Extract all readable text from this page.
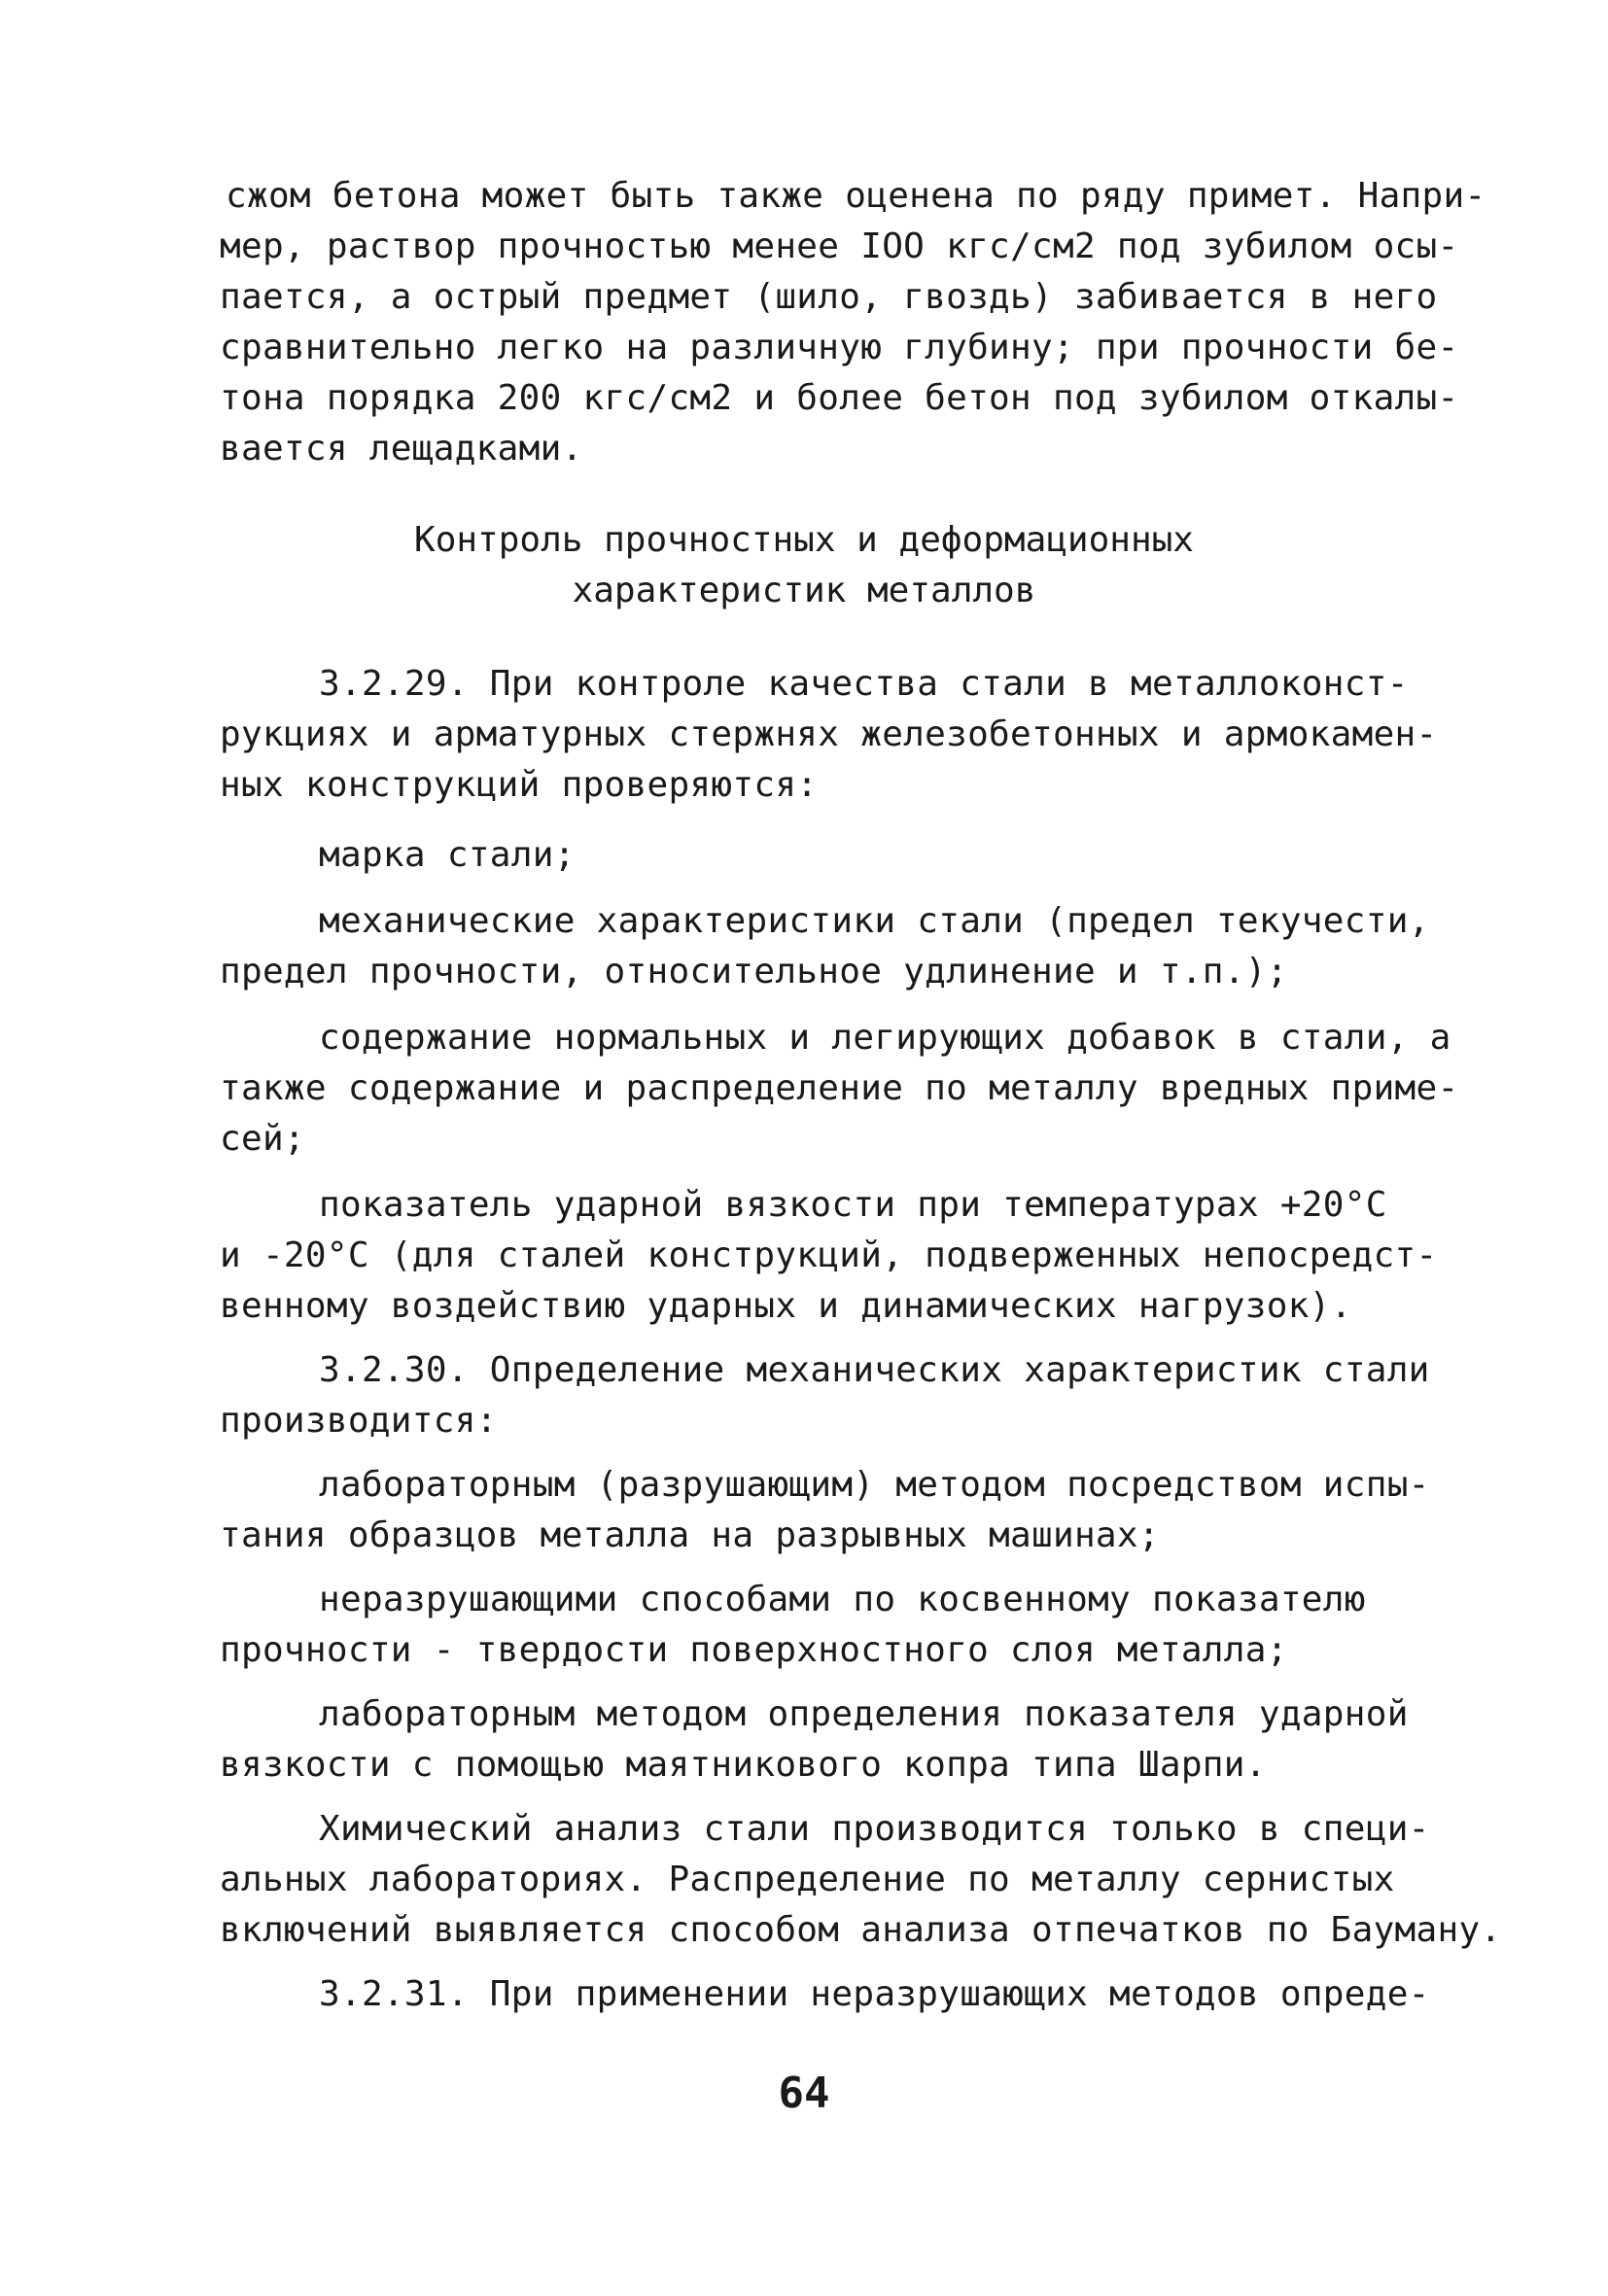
сжом бетона может быть также оценена по ряду примет. Напри-
мер, раствор прочностью менее IOO кгс/см2 под зубилом осы-
пается, а острый предмет (шило, гвоздь) забивается в него
сравнительно легко на различную глубину; при прочности бе-
тона порядка 200 кгс/см2 и более бетон под зубилом откалы-
вается лещадками.
Контроль прочностных и деформационных
характеристик металлов
3.2.29. При контроле качества стали в металлоконст-
рукциях и арматурных стержнях железобетонных и армокамен-
ных конструкций проверяются:
марка стали;
механические характеристики стали (предел текучести,
предел прочности, относительное удлинение и т.п.);
содержание нормальных и легирующих добавок в стали, а
также содержание и распределение по металлу вредных приме-
сей;
показатель ударной вязкости при температурах +20°С
и -20°С (для сталей конструкций, подверженных непосредст-
венному воздействию ударных и динамических нагрузок).
3.2.30. Определение механических характеристик стали
производится:
лабораторным (разрушающим) методом посредством испы-
тания образцов металла на разрывных машинах;
неразрушающими способами по косвенному показателю
прочности - твердости поверхностного слоя металла;
лабораторным методом определения показателя ударной
вязкости с помощью маятникового копра типа Шарпи.
Химический анализ стали производится только в специ-
альных лабораториях. Распределение по металлу сернистых
включений выявляется способом анализа отпечатков по Бауману.
3.2.31. При применении неразрушающих методов опреде-
64
